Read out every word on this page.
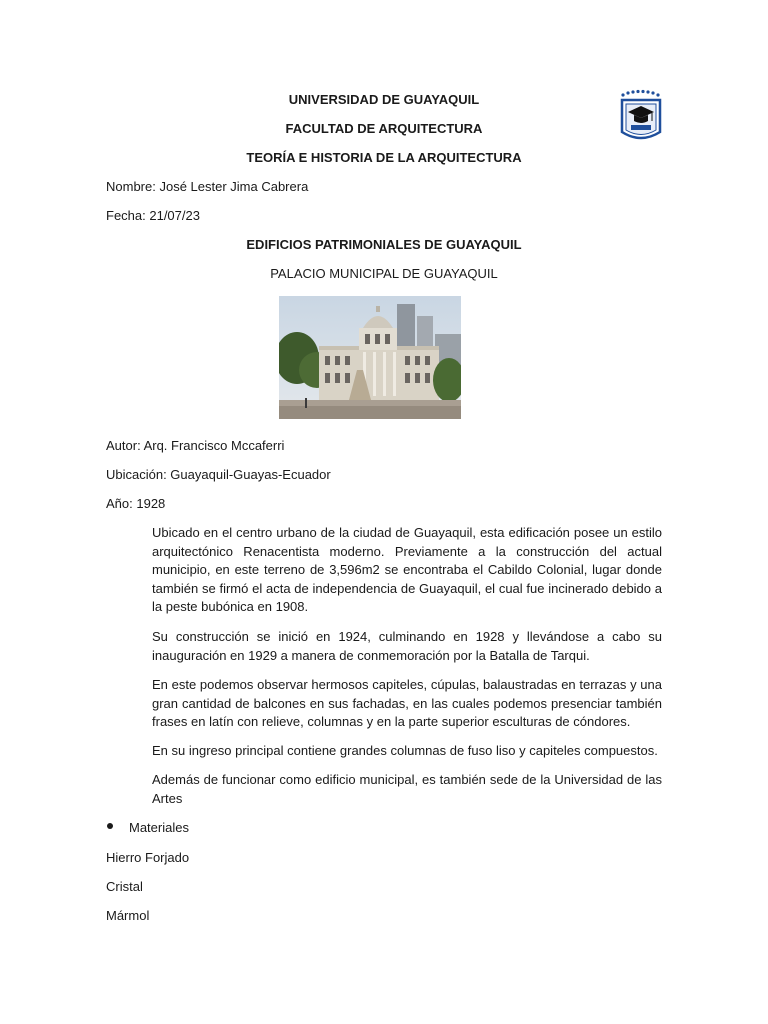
UNIVERSIDAD DE GUAYAQUIL
FACULTAD DE ARQUITECTURA
TEORÍA E HISTORIA DE LA ARQUITECTURA
Nombre: José Lester Jima Cabrera
Fecha: 21/07/23
EDIFICIOS PATRIMONIALES DE GUAYAQUIL
PALACIO MUNICIPAL DE GUAYAQUIL
Autor: Arq. Francisco Mccaferri
Ubicación: Guayaquil-Guayas-Ecuador
Año: 1928

Ubicado en el centro urbano de la ciudad de Guayaquil, esta edificación posee un estilo arquitectónico Renacentista moderno. Previamente a la construcción del actual municipio, en este terreno de 3,596m2 se encontraba el Cabildo Colonial, lugar donde también se firmó el acta de independencia de Guayaquil, el cual fue incinerado debido a la peste bubónica en 1908.

Su construcción se inició en 1924, culminando en 1928 y llevándose a cabo su inauguración en 1929 a manera de conmemoración por la Batalla de Tarqui.

En este podemos observar hermosos capiteles, cúpulas, balaustradas en terrazas y una gran cantidad de balcones en sus fachadas, en las cuales podemos presenciar también frases en latín con relieve, columnas y en la parte superior esculturas de cóndores.

En su ingreso principal contiene grandes columnas de fuso liso y capiteles compuestos.

Además de funcionar como edificio municipal, es también sede de la Universidad de las Artes

Materiales
Hierro Forjado
Cristal
Mármol
